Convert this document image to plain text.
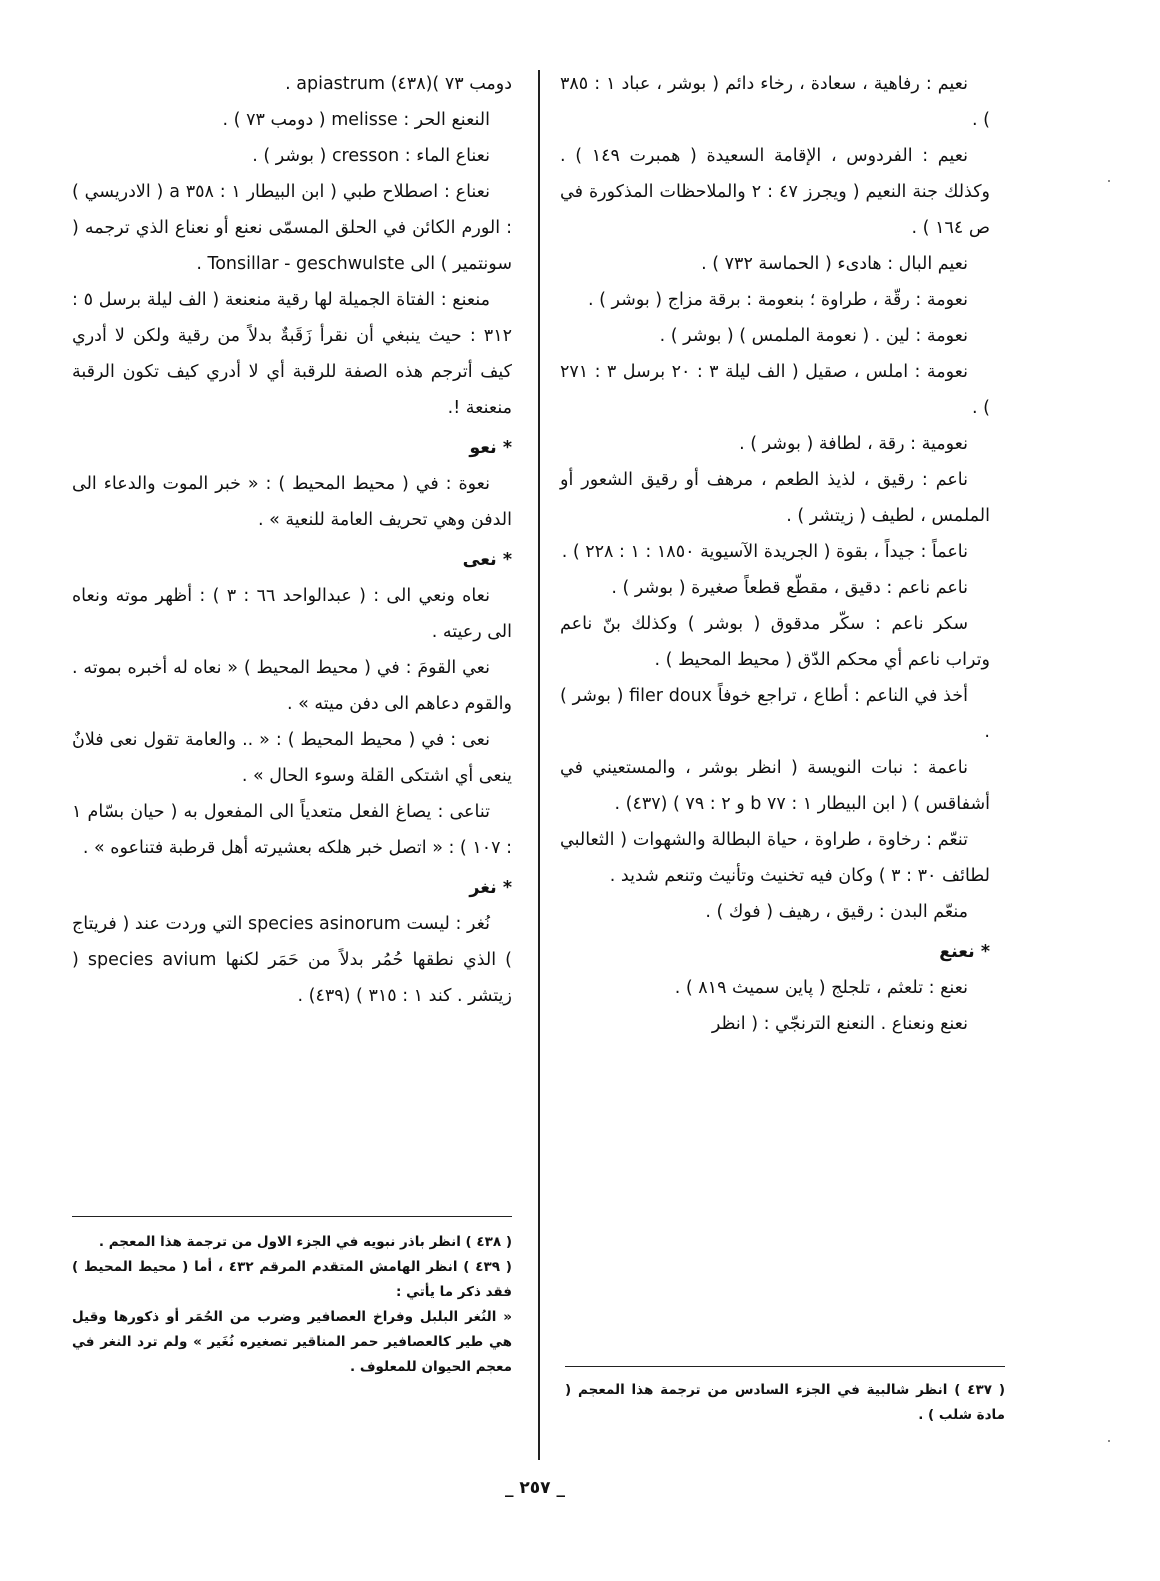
نعيم : رفاهية ، سعادة ، رخاء دائم ( بوشر ، عباد ١ : ٣٨٥ ) .

نعيم : الفردوس ، الإقامة السعيدة ( همبرت ١٤٩ ) . وكذلك جنة النعيم ( ويجرز ٤٧ : ٢ والملاحظات المذكورة في ص ١٦٤ ) .

نعيم البال : هادىء ( الحماسة ٧٣٢ ) .

نعومة : رقّة ، طراوة ؛ بنعومة : برقة مزاج ( بوشر ) .

نعومة : لين . ( نعومة الملمس ) ( بوشر ) .

نعومة : املس ، صقيل ( الف ليلة ٣ : ٢٠ برسل ٣ : ٢٧١ ) .

نعومية : رقة ، لطافة ( بوشر ) .

ناعم : رقيق ، لذيذ الطعم ، مرهف أو رقيق الشعور أو الملمس ، لطيف ( زيتشر ) .

ناعماً : جيداً ، بقوة ( الجريدة الآسيوية ١٨٥٠ : ١ : ٢٢٨ ) .

ناعم ناعم : دقيق ، مقطّع قطعاً صغيرة ( بوشر ) .

سكر ناعم : سكّر مدقوق ( بوشر ) وكذلك بنّ ناعم وتراب ناعم أي محكم الدّق ( محيط المحيط ) .

أخذ في الناعم : أطاع ، تراجع خوفاً filer doux ( بوشر ) .

ناعمة : نبات النويسة ( انظر بوشر ، والمستعيني في أشفاقس ) ( ابن البيطار ١ : ٧٧ b و ٢ : ٧٩ ) (٤٣٧) .

تنعّم : رخاوة ، طراوة ، حياة البطالة والشهوات ( الثعالبي لطائف ٣٠ : ٣ ) وكان فيه تخنيث وتأنيث وتنعم شديد .

منعّم البدن : رقيق ، رهيف ( فوك ) .

* نعنع

نعنع : تلعثم ، تلجلج ( پاين سميث ٨١٩ ) .

نعنع ونعناع . النعنع الترنجّي : ( انظر

دومب ٧٣ )(٤٣٨) apiastrum .

النعنع الحر : melisse ( دومب ٧٣ ) .

نعناع الماء : cresson ( بوشر ) .

نعناع : اصطلاح طبي ( ابن البيطار ١ : ٣٥٨ a ( الادريسي ) : الورم الكائن في الحلق المسمّى نعنع أو نعناع الذي ترجمه ( سونتمير ) الى Tonsillar - geschwulste .

منعنع : الفتاة الجميلة لها رقية منعنعة ( الف ليلة برسل ٥ : ٣١٢ : حيث ينبغي أن نقرأ زَقَبةٌ بدلاً من رقية ولكن لا أدري كيف أترجم هذه الصفة للرقبة أي لا أدري كيف تكون الرقبة منعنعة !.

* نعو

نعوة : في ( محيط المحيط ) : « خبر الموت والدعاء الى الدفن وهي تحريف العامة للنعية » .

* نعى

نعاه ونعي الى : ( عبدالواحد ٦٦ : ٣ ) : أظهر موته ونعاه الى رعيته .

نعي القومَ : في ( محيط المحيط ) « نعاه له أخبره بموته . والقوم دعاهم الى دفن ميته » .

نعى : في ( محيط المحيط ) : « .. والعامة تقول نعى فلانٌ ينعى أي اشتكى القلة وسوء الحال » .

تناعى : يصاغ الفعل متعدياً الى المفعول به ( حيان بسّام ١ : ١٠٧ ) : « اتصل خبر هلكه بعشيرته أهل قرطبة فتناعوه » .

* نغر

نُغر : ليست species asinorum التي وردت عند ( فريتاج ) الذي نطقها حُمُر بدلاً من حَمَر لكنها species avium ( زيتشر . كند ١ : ٣١٥ ) (٤٣٩) .

( ٤٣٨ ) انظر باذر نبويه في الجزء الاول من ترجمة هذا المعجم .
( ٤٣٩ ) انظر الهامش المتقدم المرقم ٤٣٢ ، أما ( محيط المحيط ) فقد ذكر ما يأتي :
« النُغر البلبل وفراخ العصافير وضرب من الحُمَر أو ذكورها وقيل هي طير كالعصافير حمر المناقير تصغيره نُغَير » ولم ترد النغر في معجم الحيوان للمعلوف .
( ٤٣٧ ) انظر شالبية في الجزء السادس من ترجمة هذا المعجم ( مادة شلب ) .
_ ٢٥٧ _
